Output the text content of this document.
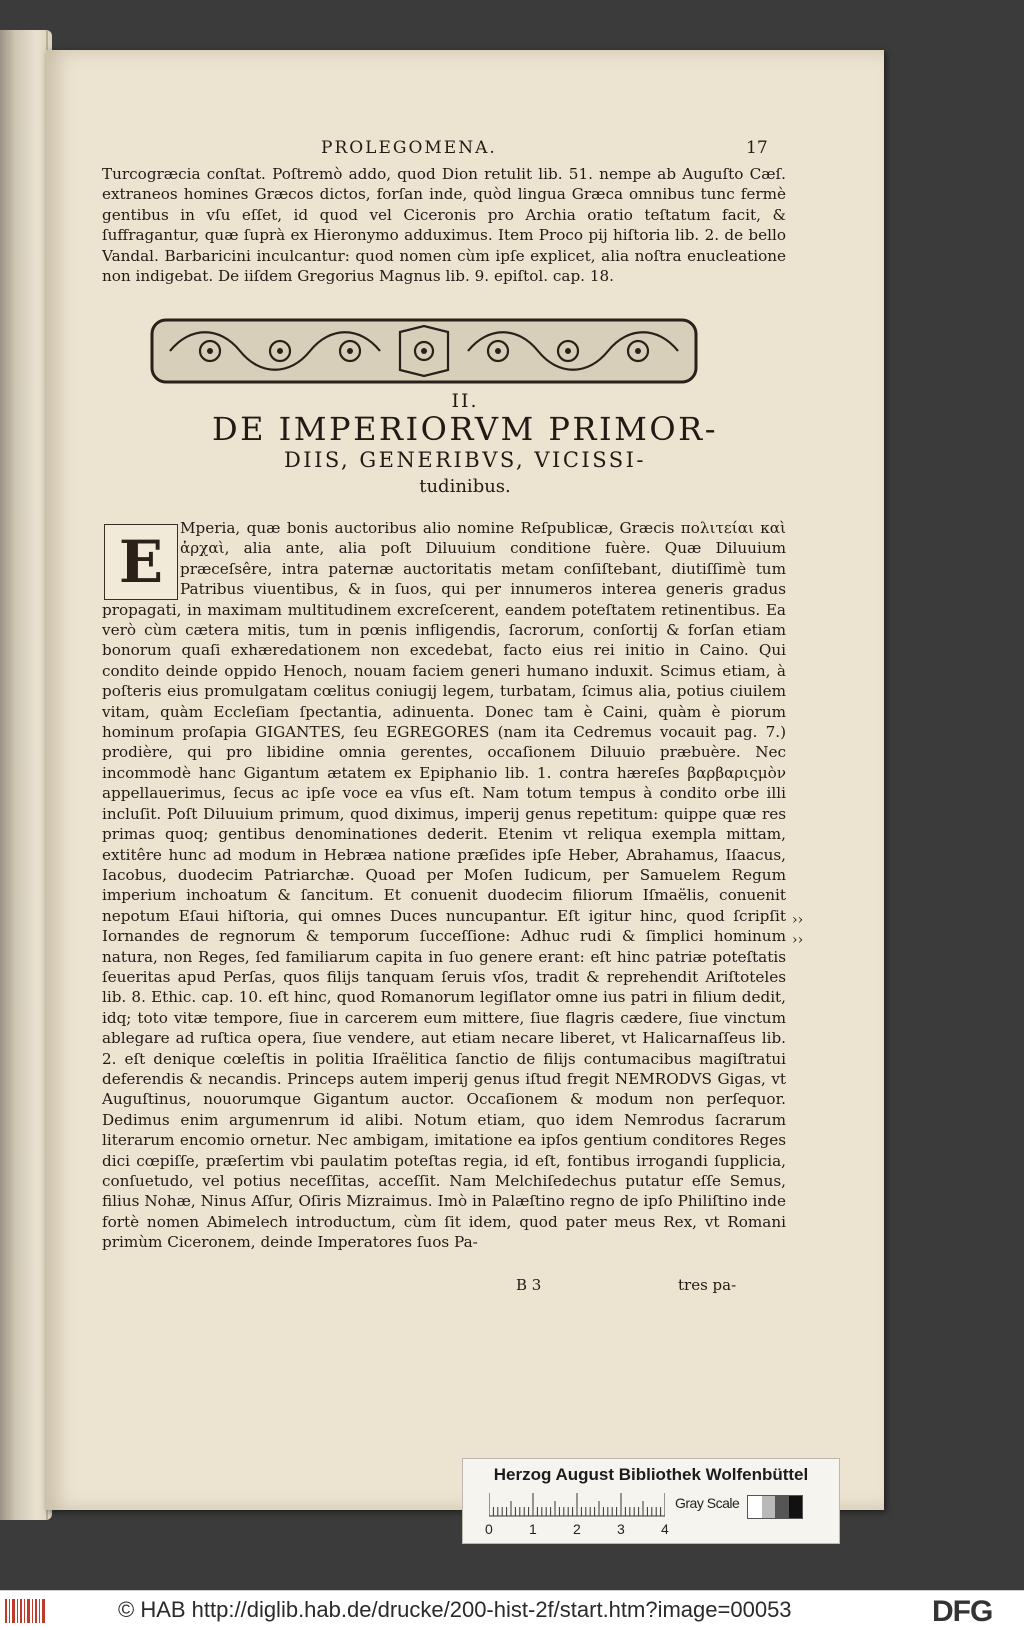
PROLEGOMENA.	17

Turcogræcia conſtat. Poſtremò addo, quod Dion retulit lib. 51. nempe ab Auguſto Cæſ. extraneos homines Græcos dictos, forſan inde, quòd lingua Græca omnibus tunc fermè gentibus in vſu eſſet, id quod vel Ciceronis pro Archia oratio teſtatum facit, & ſuffragantur, quæ ſuprà ex Hieronymo adduximus. Item Proco pij hiſtoria lib. 2. de bello Vandal. Barbaricini inculcantur: quod nomen cùm ipſe explicet, alia noſtra enucleatione non indigebat. De iiſdem Gregorius Magnus lib. 9. epiſtol. cap. 18.

II.
DE IMPERIORVM PRIMOR-
DIIS, GENERIBVS, VICISSI-
tudinibus.
E	Mperia, quæ bonis auctoribus alio nomine Reſpublicæ, Græcis πολιτείαι καὶ ἀρχαὶ, alia ante, alia poſt Diluuium conditione fuère. Quæ Diluuium præceſsêre, intra paternæ auctoritatis metam conſiſtebant, diutiſſimè tum Patribus viuentibus, & in ſuos, qui per innumeros interea generis gradus propagati, in maximam multitudinem excreſcerent, eandem poteſtatem retinentibus. Ea verò cùm cætera mitis, tum in pœnis infligendis, ſacrorum, conſortij & forſan etiam bonorum quaſi exhæredationem non excedebat, facto eius rei initio in Caino. Qui condito deinde oppido Henoch, nouam faciem generi humano induxit. Scimus etiam, à poſteris eius promulgatam cœlitus coniugij legem, turbatam, ſcimus alia, potius ciuilem vitam, quàm Eccleſiam ſpectantia, adinuenta. Donec tam è Caini, quàm è piorum hominum proſapia GIGANTES, ſeu EGREGORES (nam ita Cedremus vocauit pag. 7.) prodière, qui pro libidine omnia gerentes, occaſionem Diluuio præbuère. Nec incommodè hanc Gigantum ætatem ex Epiphanio lib. 1. contra hæreſes βαρβαριςμὸν appellauerimus, ſecus ac ipſe voce ea vſus eſt. Nam totum tempus à condito orbe illi incluſit. Poſt Diluuium primum, quod diximus, imperij genus repetitum: quippe quæ res primas quoq; gentibus denominationes dederit. Etenim vt reliqua exempla mittam, extitêre hunc ad modum in Hebræa natione præſides ipſe Heber, Abrahamus, Iſaacus, Iacobus, duodecim Patriarchæ. Quoad per Moſen Iudicum, per Samuelem Regum imperium inchoatum & ſancitum. Et conuenit duodecim filiorum Iſmaëlis, conuenit nepotum Eſaui hiſtoria, qui omnes Duces nuncupantur. Eſt igitur hinc, quod ſcripſit Iornandes de regnorum & temporum ſucceſſione: Adhuc rudi & ſimplici hominum natura, non Reges, ſed familiarum capita in ſuo genere erant: eſt hinc patriæ poteſtatis ſeueritas apud Perſas, quos filijs tanquam ſeruis vſos, tradit & reprehendit Ariſtoteles lib. 8. Ethic. cap. 10. eſt hinc, quod Romanorum legiſlator omne ius patri in filium dedit, idq; toto vitæ tempore, ſiue in carcerem eum mittere, ſiue flagris cædere, ſiue vinctum ablegare ad ruſtica opera, ſiue vendere, aut etiam necare liberet, vt Halicarnaſſeus lib. 2. eſt denique cœleſtis in politia Iſraëlitica ſanctio de filijs contumacibus magiſtratui deferendis & necandis. Princeps autem imperij genus iſtud fregit NEMRODVS Gigas, vt Auguſtinus, nouorumque Gigantum auctor. Occaſionem & modum non perſequor. Dedimus enim argumenrum id alibi. Notum etiam, quo idem Nemrodus ſacrarum literarum encomio ornetur. Nec ambigam, imitatione ea ipſos gentium conditores Reges dici cœpiſſe, præſertim vbi paulatim poteſtas regia, id eſt, fontibus irrogandi ſupplicia, conſuetudo, vel potius neceſſitas, acceſſit. Nam Melchiſedechus putatur eſſe Semus, filius Nohæ, Ninus Aſſur, Oſiris Mizraimus. Imò in Palæſtino regno de ipſo Philiſtino inde fortè nomen Abimelech introductum, cùm ſit idem, quod pater meus Rex, vt Romani primùm Ciceronem, deinde Imperatores ſuos Pa-
››
››
B 3	tres pa-
Herzog August Bibliothek Wolfenbüttel
0	1	2	3	4
Gray Scale
© HAB http://diglib.hab.de/drucke/200-hist-2f/start.htm?image=00053	DFG
